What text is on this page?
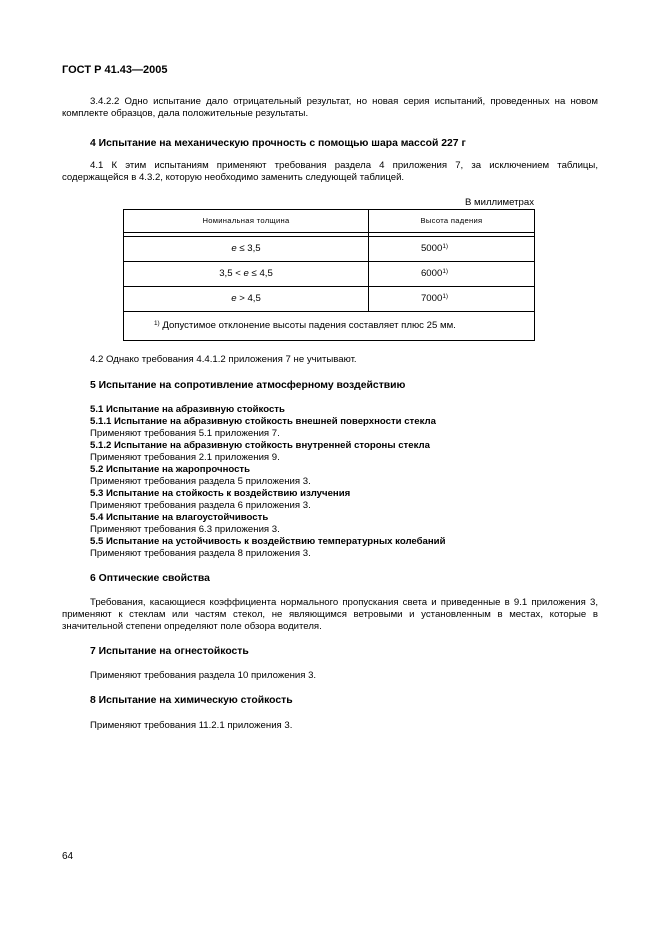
ГОСТ Р 41.43—2005
3.4.2.2 Одно испытание дало отрицательный результат, но новая серия испытаний, проведенных на новом комплекте образцов, дала положительные результаты.
4 Испытание на механическую прочность с помощью шара массой 227 г
4.1 К этим испытаниям применяют требования раздела 4 приложения 7, за исключением таблицы, содержащейся в 4.3.2, которую необходимо заменить следующей таблицей.
В миллиметрах
Номинальная толщина	Высота падения

е ≤ 3,5	5000$^{1)}$
3,5 < е ≤ 4,5	6000$^{1)}$
е > 4,5	7000$^{1)}$
$^{1)}$ Допустимое отклонение высоты падения составляет плюс 25 мм.	
4.2 Однако требования 4.4.1.2 приложения 7 не учитывают.
5 Испытание на сопротивление атмосферному воздействию
5.1 Испытание на абразивную стойкость
5.1.1 Испытание на абразивную стойкость внешней поверхности стекла
Применяют требования 5.1 приложения 7.
5.1.2 Испытание на абразивную стойкость внутренней стороны стекла
Применяют требования 2.1 приложения 9.
5.2 Испытание на жаропрочность
Применяют требования раздела 5 приложения 3.
5.3 Испытание на стойкость к воздействию излучения
Применяют требования раздела 6 приложения 3.
5.4 Испытание на влагоустойчивость
Применяют требования 6.3 приложения 3.
5.5 Испытание на устойчивость к воздействию температурных колебаний
Применяют требования раздела 8 приложения 3.
6 Оптические свойства
Требования, касающиеся коэффициента нормального пропускания света и приведенные в 9.1 приложения 3, применяют к стеклам или частям стекол, не являющимся ветровыми и установленным в местах, которые в значительной степени определяют поле обзора водителя.
7 Испытание на огнестойкость
Применяют требования раздела 10 приложения 3.
8 Испытание на химическую стойкость
Применяют требования 11.2.1 приложения 3.
64
